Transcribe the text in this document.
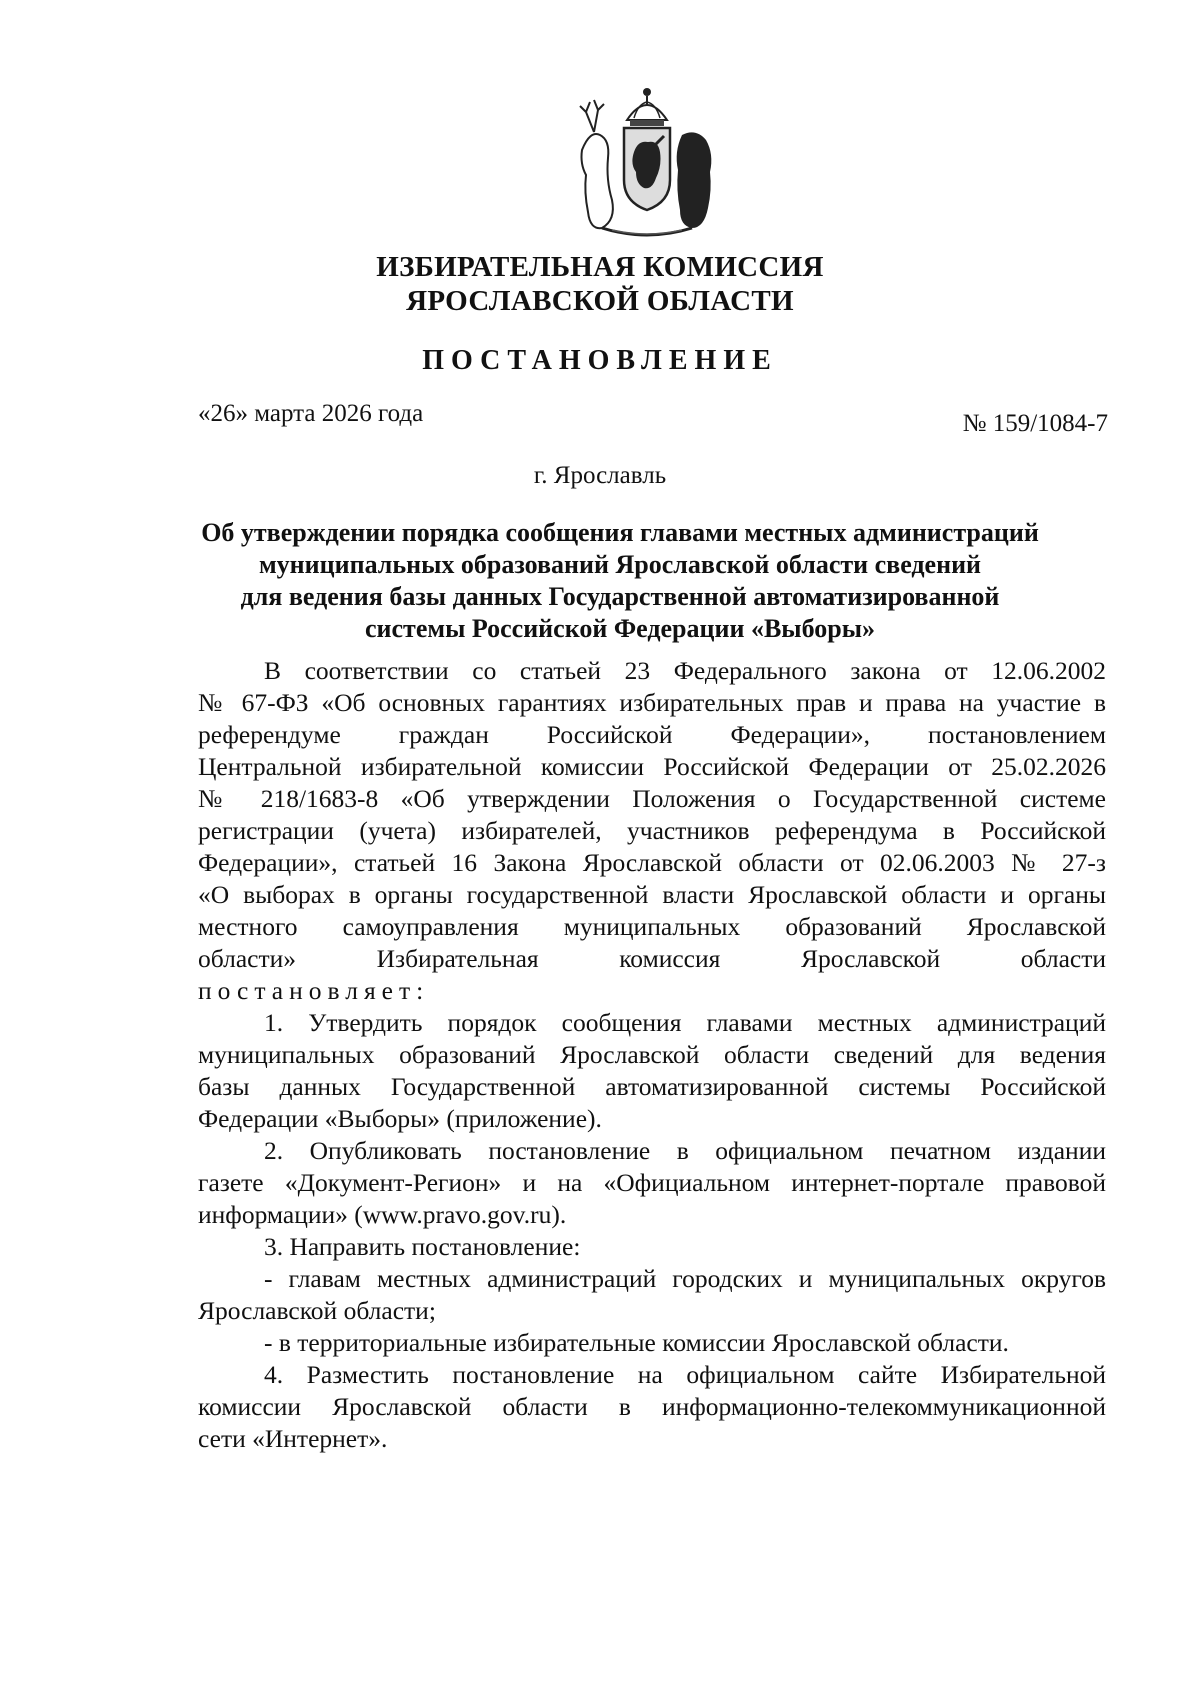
ИЗБИРАТЕЛЬНАЯ КОМИССИЯ
ЯРОСЛАВСКОЙ ОБЛАСТИ
ПОСТАНОВЛЕНИЕ
«26» марта 2026 года	№ 159/1084-7
г. Ярославль
Об утверждении порядка сообщения главами местных администраций
муниципальных образований Ярославской области сведений
для ведения базы данных Государственной автоматизированной
системы Российской Федерации «Выборы»
В соответствии со статьей 23 Федерального закона от 12.06.2002
№ 67-ФЗ «Об основных гарантиях избирательных прав и права на участие в
референдуме граждан Российской Федерации», постановлением
Центральной избирательной комиссии Российской Федерации от 25.02.2026
№ 218/1683-8 «Об утверждении Положения о Государственной системе
регистрации (учета) избирателей, участников референдума в Российской
Федерации», статьей 16 Закона Ярославской области от 02.06.2003 № 27-з
«О выборах в органы государственной власти Ярославской области и органы
местного самоуправления муниципальных образований Ярославской
области» Избирательная комиссия Ярославской области
постановляет:
1. Утвердить порядок сообщения главами местных администраций
муниципальных образований Ярославской области сведений для ведения
базы данных Государственной автоматизированной системы Российской
Федерации «Выборы» (приложение).
2. Опубликовать постановление в официальном печатном издании
газете «Документ-Регион» и на «Официальном интернет-портале правовой
информации» (www.pravo.gov.ru).
3. Направить постановление:
- главам местных администраций городских и муниципальных округов
Ярославской области;
- в территориальные избирательные комиссии Ярославской области.
4. Разместить постановление на официальном сайте Избирательной
комиссии Ярославской области в информационно-телекоммуникационной
сети «Интернет».
